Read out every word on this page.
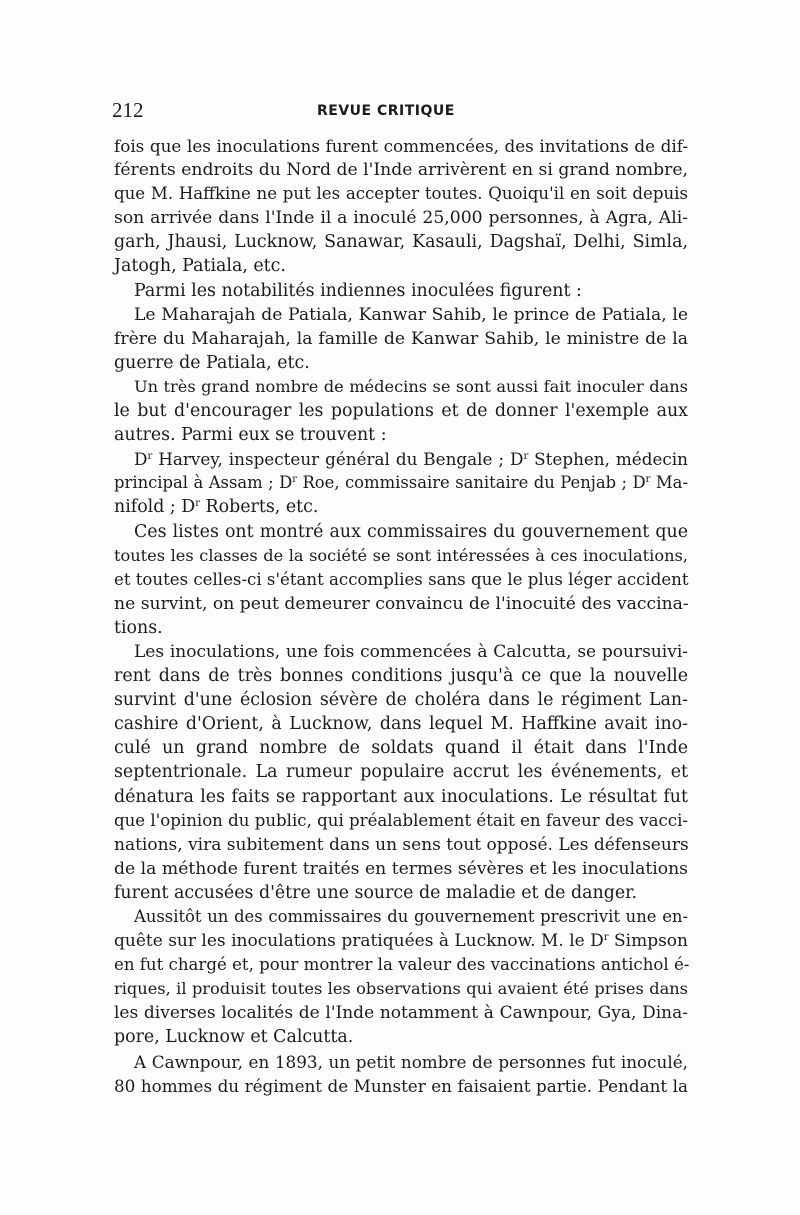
212	REVUE CRITIQUE
fois que les inoculations furent commencées, des invitations de dif-
férents endroits du Nord de l'Inde arrivèrent en si grand nombre,
que M. Haffkine ne put les accepter toutes. Quoiqu'il en soit depuis
son arrivée dans l'Inde il a inoculé 25,000 personnes, à Agra, Ali-
garh, Jhausi, Lucknow, Sanawar, Kasauli, Dagshaï, Delhi, Simla,
Jatogh, Patiala, etc.
Parmi les notabilités indiennes inoculées figurent :
Le Maharajah de Patiala, Kanwar Sahib, le prince de Patiala, le
frère du Maharajah, la famille de Kanwar Sahib, le ministre de la
guerre de Patiala, etc.
Un très grand nombre de médecins se sont aussi fait inoculer dans
le but d'encourager les populations et de donner l'exemple aux
autres. Parmi eux se trouvent :
$D^r$ Harvey, inspecteur général du Bengale ; $D^r$ Stephen, médecin
principal à Assam ; $D^r$ Roe, commissaire sanitaire du Penjab ; $D^r$ Ma-
nifold ; $D^r$ Roberts, etc.
Ces listes ont montré aux commissaires du gouvernement que
toutes les classes de la société se sont intéressées à ces inoculations,
et toutes celles-ci s'étant accomplies sans que le plus léger accident
ne survint, on peut demeurer convaincu de l'inocuité des vaccina-
tions.
Les inoculations, une fois commencées à Calcutta, se poursuivi-
rent dans de très bonnes conditions jusqu'à ce que la nouvelle
survint d'une éclosion sévère de choléra dans le régiment Lan-
cashire d'Orient, à Lucknow, dans lequel M. Haffkine avait ino-
culé un grand nombre de soldats quand il était dans l'Inde
septentrionale. La rumeur populaire accrut les événements, et
dénatura les faits se rapportant aux inoculations. Le résultat fut
que l'opinion du public, qui préalablement était en faveur des vacci-
nations, vira subitement dans un sens tout opposé. Les défenseurs
de la méthode furent traités en termes sévères et les inoculations
furent accusées d'être une source de maladie et de danger.
Aussitôt un des commissaires du gouvernement prescrivit une en-
quête sur les inoculations pratiquées à Lucknow. M. le $D^r$ Simpson
en fut chargé et, pour montrer la valeur des vaccinations antichol é-
riques, il produisit toutes les observations qui avaient été prises dans
les diverses localités de l'Inde notamment à Cawnpour, Gya, Dina-
pore, Lucknow et Calcutta.
A Cawnpour, en 1893, un petit nombre de personnes fut inoculé,
80 hommes du régiment de Munster en faisaient partie. Pendant la
